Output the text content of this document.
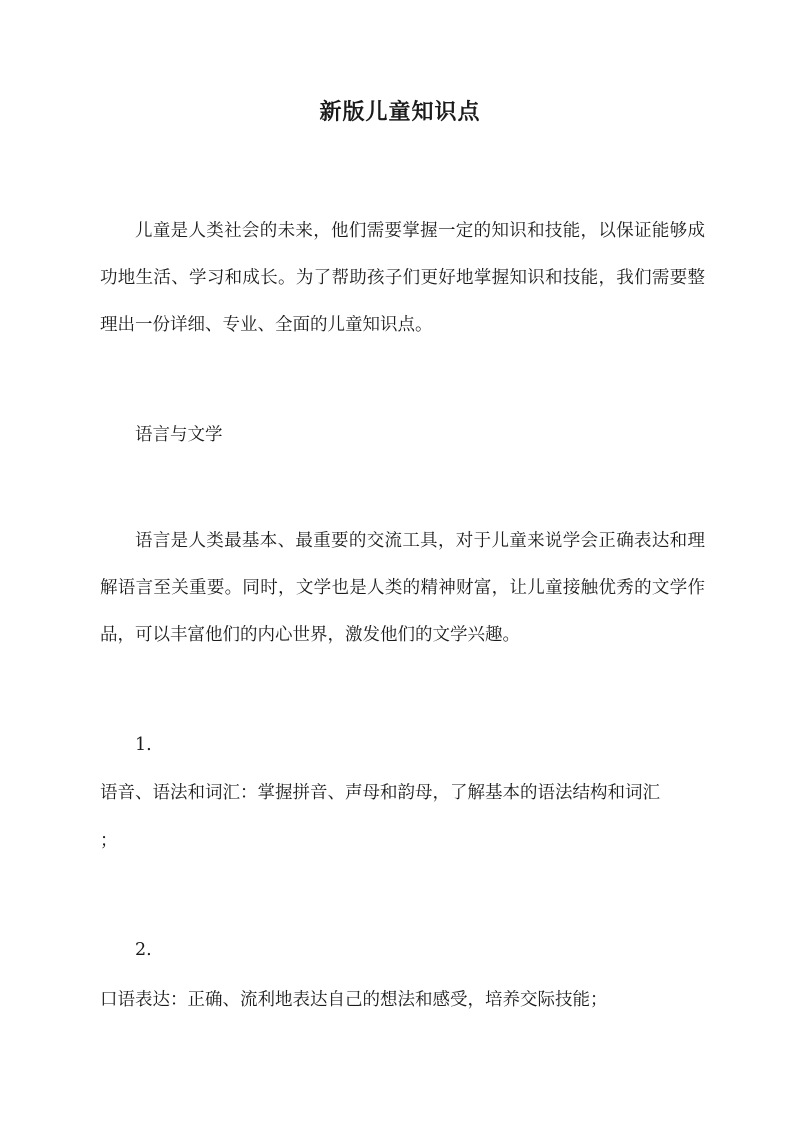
新版儿童知识点

儿童是人类社会的未来，他们需要掌握一定的知识和技能，以保证能够成功地生活、学习和成长。为了帮助孩子们更好地掌握知识和技能，我们需要整理出一份详细、专业、全面的儿童知识点。

语言与文学

语言是人类最基本、最重要的交流工具，对于儿童来说学会正确表达和理解语言至关重要。同时，文学也是人类的精神财富，让儿童接触优秀的文学作品，可以丰富他们的内心世界，激发他们的文学兴趣。

1.

语音、语法和词汇：掌握拼音、声母和韵母，了解基本的语法结构和词汇

；

2.

口语表达：正确、流利地表达自己的想法和感受，培养交际技能；
